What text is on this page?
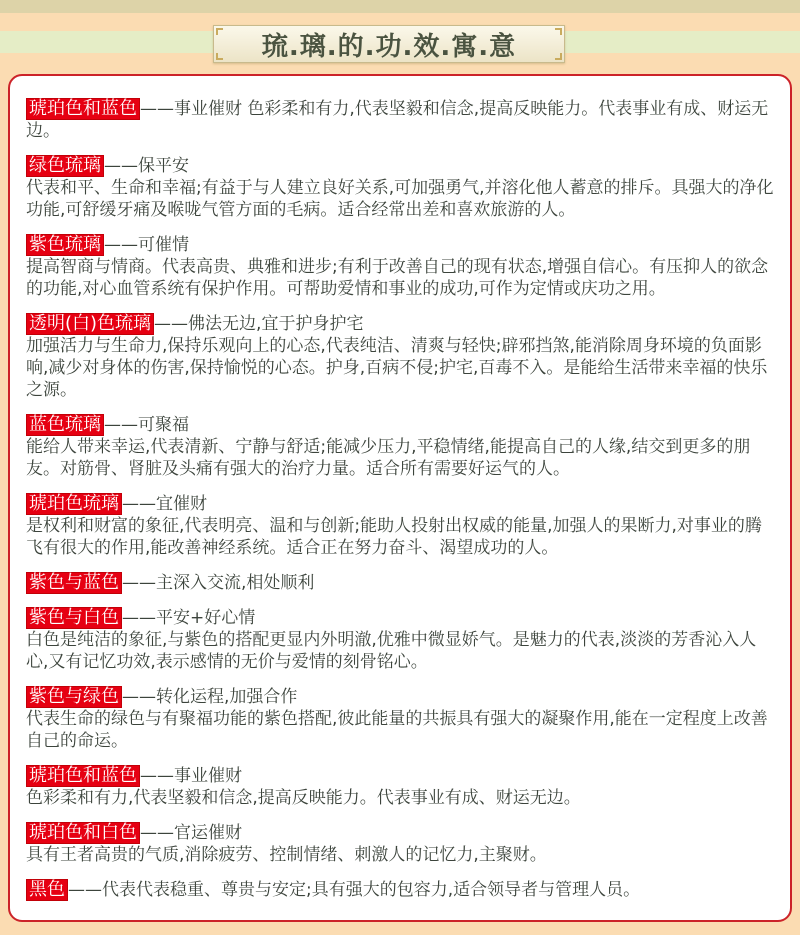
琉.璃.的.功.效.寓.意

琥珀色和蓝色 ——事业催财 色彩柔和有力,代表坚毅和信念,提高反映能力。代表事业有成、财运无边。

绿色琉璃 ——保平安

代表和平、生命和幸福;有益于与人建立良好关系,可加强勇气,并溶化他人蓄意的排斥。具强大的净化功能,可舒缓牙痛及喉咙气管方面的毛病。适合经常出差和喜欢旅游的人。

紫色琉璃 ——可催情

提高智商与情商。代表高贵、典雅和进步;有利于改善自己的现有状态,增强自信心。有压抑人的欲念的功能,对心血管系统有保护作用。可帮助爱情和事业的成功,可作为定情或庆功之用。

透明(白)色琉璃 ——佛法无边,宜于护身护宅

加强活力与生命力,保持乐观向上的心态,代表纯洁、清爽与轻快;辟邪挡煞,能消除周身环境的负面影响,减少对身体的伤害,保持愉悦的心态。护身,百病不侵;护宅,百毒不入。是能给生活带来幸福的快乐之源。

蓝色琉璃 ——可聚福

能给人带来幸运,代表清新、宁静与舒适;能减少压力,平稳情绪,能提高自己的人缘,结交到更多的朋友。对筋骨、肾脏及头痛有强大的治疗力量。适合所有需要好运气的人。

琥珀色琉璃 ——宜催财

是权利和财富的象征,代表明亮、温和与创新;能助人投射出权威的能量,加强人的果断力,对事业的腾飞有很大的作用,能改善神经系统。适合正在努力奋斗、渴望成功的人。

紫色与蓝色 ——主深入交流,相处顺利

紫色与白色 ——平安+好心情

白色是纯洁的象征,与紫色的搭配更显内外明澈,优雅中微显娇气。是魅力的代表,淡淡的芳香沁入人心,又有记忆功效,表示感情的无价与爱情的刻骨铭心。

紫色与绿色 ——转化运程,加强合作

代表生命的绿色与有聚福功能的紫色搭配,彼此能量的共振具有强大的凝聚作用,能在一定程度上改善自己的命运。

琥珀色和蓝色 ——事业催财

色彩柔和有力,代表坚毅和信念,提高反映能力。代表事业有成、财运无边。

琥珀色和白色 ——官运催财

具有王者高贵的气质,消除疲劳、控制情绪、刺激人的记忆力,主聚财。

黑色 ——代表代表稳重、尊贵与安定;具有强大的包容力,适合领导者与管理人员。
